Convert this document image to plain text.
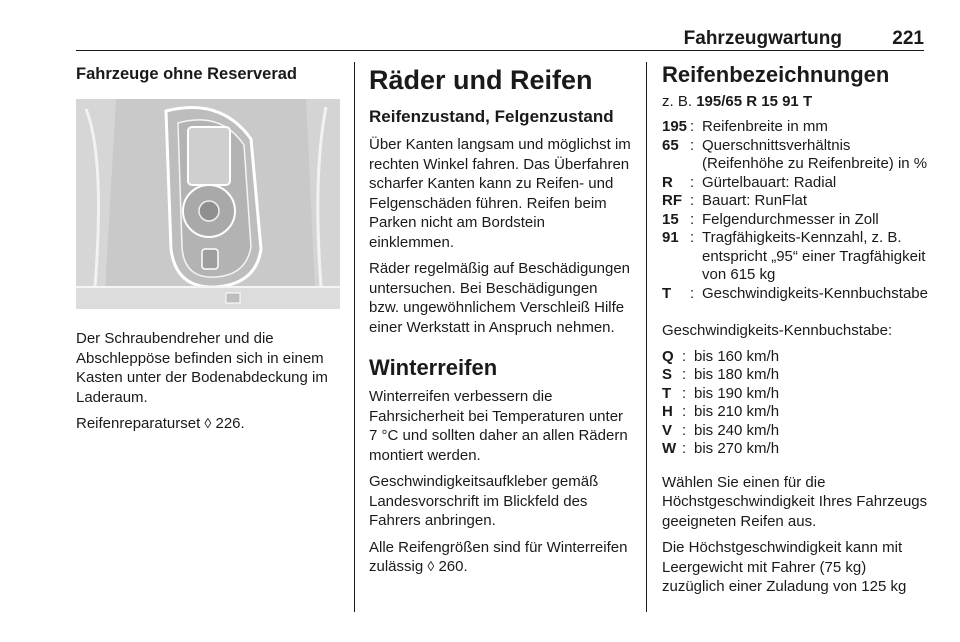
Fahrzeugwartung	221
Fahrzeuge ohne Reserverad

Der Schraubendreher und die Abschleppöse befinden sich in einem Kasten unter der Bodenabdeckung im Laderaum.

Reifenreparaturset ◊ 226.

Räder und Reifen
Reifenzustand, Felgenzustand

Über Kanten langsam und möglichst im rechten Winkel fahren. Das Überfahren scharfer Kanten kann zu Reifen- und Felgenschäden führen. Reifen beim Parken nicht am Bordstein einklemmen.

Räder regelmäßig auf Beschädigungen untersuchen. Bei Beschädigungen bzw. ungewöhnlichem Verschleiß Hilfe einer Werkstatt in Anspruch nehmen.

Winterreifen

Winterreifen verbessern die Fahrsicherheit bei Temperaturen unter 7 °C und sollten daher an allen Rädern montiert werden.

Geschwindigkeitsaufkleber gemäß Landesvorschrift im Blickfeld des Fahrers anbringen.

Alle Reifengrößen sind für Winterreifen zulässig ◊ 260.

Reifenbezeichnungen
z. B. 195/65 R 15 91 T
195 : Reifenbreite in mm
65 : Querschnittsverhältnis (Reifenhöhe zu Reifenbreite) in %
R	: Gürtelbauart: Radial
RF : Bauart: RunFlat
15 : Felgendurchmesser in Zoll
91 : Tragfähigkeits-Kennzahl, z. B. entspricht „95“ einer Tragfähigkeit von 615 kg
T	: Geschwindigkeits-Kennbuchstabe

Geschwindigkeits-Kennbuchstabe:

Q : bis 160 km/h
S : bis 180 km/h
T : bis 190 km/h
H : bis 210 km/h
V : bis 240 km/h
W : bis 270 km/h

Wählen Sie einen für die Höchstgeschwindigkeit Ihres Fahrzeugs geeigneten Reifen aus.

Die Höchstgeschwindigkeit kann mit Leergewicht mit Fahrer (75 kg) zuzüglich einer Zuladung von 125 kg
